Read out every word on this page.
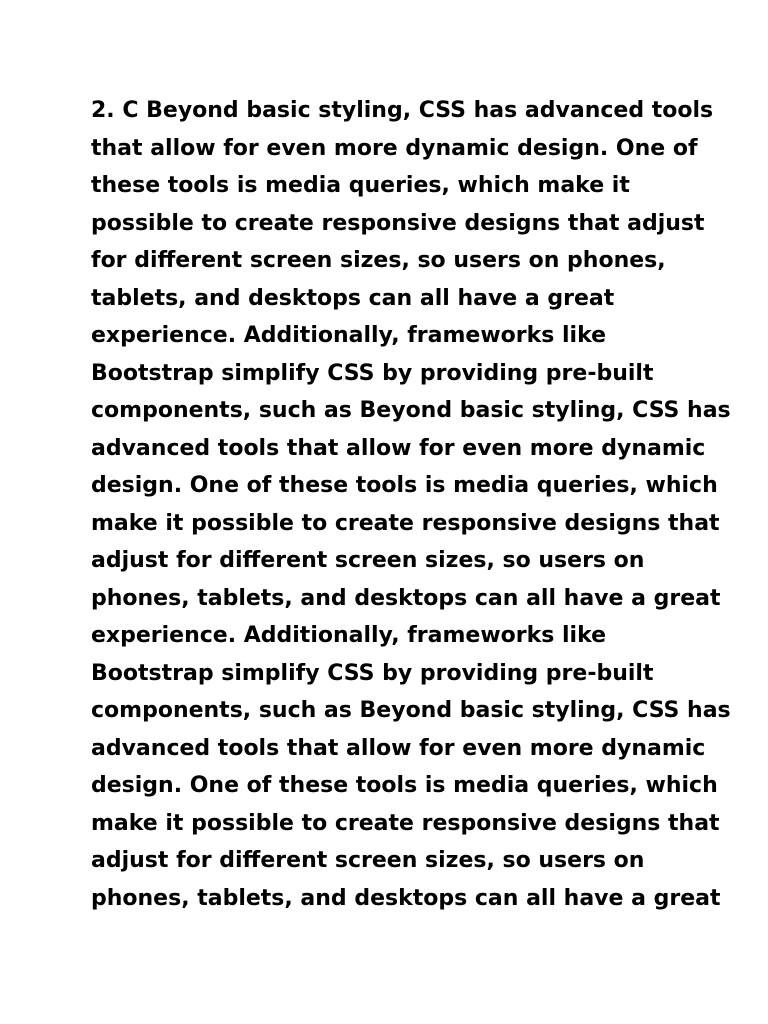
2. C Beyond basic styling, CSS has advanced tools
that allow for even more dynamic design. One of
these tools is media queries, which make it
possible to create responsive designs that adjust
for different screen sizes, so users on phones,
tablets, and desktops can all have a great
experience. Additionally, frameworks like
Bootstrap simplify CSS by providing pre-built
components, such as Beyond basic styling, CSS has
advanced tools that allow for even more dynamic
design. One of these tools is media queries, which
make it possible to create responsive designs that
adjust for different screen sizes, so users on
phones, tablets, and desktops can all have a great
experience. Additionally, frameworks like
Bootstrap simplify CSS by providing pre-built
components, such as Beyond basic styling, CSS has
advanced tools that allow for even more dynamic
design. One of these tools is media queries, which
make it possible to create responsive designs that
adjust for different screen sizes, so users on
phones, tablets, and desktops can all have a great
